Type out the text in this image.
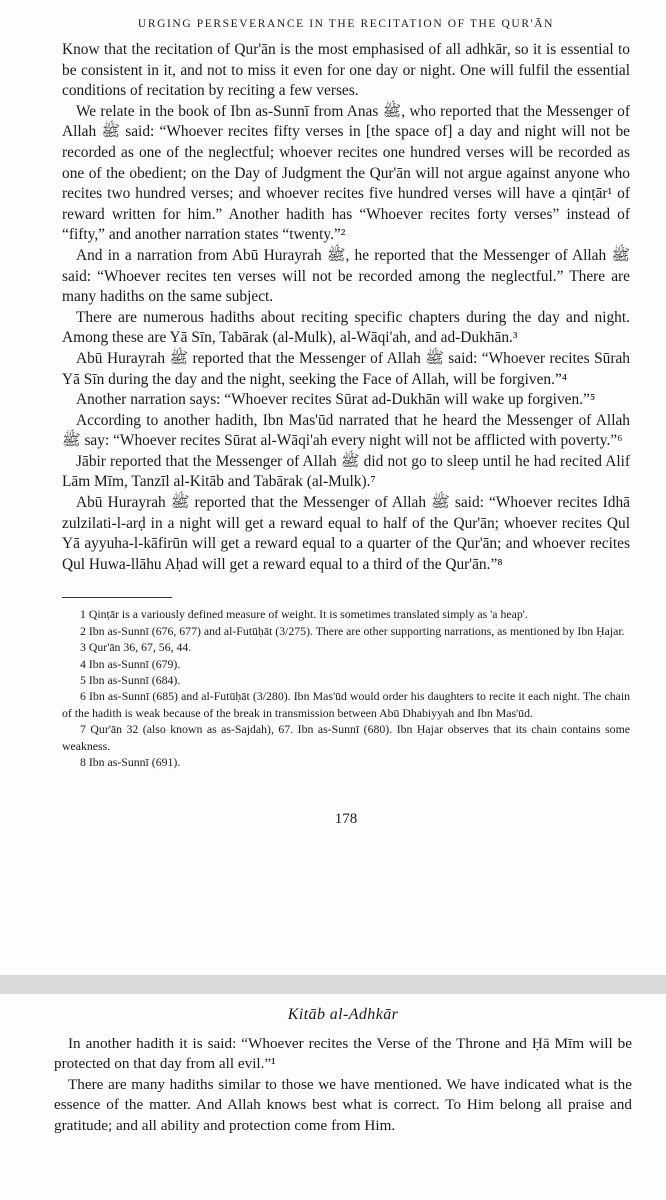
URGING PERSEVERANCE IN THE RECITATION OF THE QUR'ĀN

Know that the recitation of Qur'ān is the most emphasised of all adhkār, so it is essential to be consistent in it, and not to miss it even for one day or night. One will fulfil the essential conditions of recitation by reciting a few verses.

We relate in the book of Ibn as-Sunnī from Anas ﷺ, who reported that the Messenger of Allah ﷺ said: “Whoever recites fifty verses in [the space of] a day and night will not be recorded as one of the neglectful; whoever recites one hundred verses will be recorded as one of the obedient; on the Day of Judgment the Qur'ān will not argue against anyone who recites two hundred verses; and whoever recites five hundred verses will have a qinṭār¹ of reward written for him.” Another hadith has “Whoever recites forty verses” instead of “fifty,” and another narration states “twenty.”²

And in a narration from Abū Hurayrah ﷺ, he reported that the Messenger of Allah ﷺ said: “Whoever recites ten verses will not be recorded among the neglectful.” There are many hadiths on the same subject.

There are numerous hadiths about reciting specific chapters during the day and night. Among these are Yā Sīn, Tabārak (al-Mulk), al-Wāqi'ah, and ad-Dukhān.³

Abū Hurayrah ﷺ reported that the Messenger of Allah ﷺ said: “Whoever recites Sūrah Yā Sīn during the day and the night, seeking the Face of Allah, will be forgiven.”⁴

Another narration says: “Whoever recites Sūrat ad-Dukhān will wake up forgiven.”⁵

According to another hadith, Ibn Mas'ūd narrated that he heard the Messenger of Allah ﷺ say: “Whoever recites Sūrat al-Wāqi'ah every night will not be afflicted with poverty.”⁶

Jābir reported that the Messenger of Allah ﷺ did not go to sleep until he had recited Alif Lām Mīm, Tanzīl al-Kitāb and Tabārak (al-Mulk).⁷

Abū Hurayrah ﷺ reported that the Messenger of Allah ﷺ said: “Whoever recites Idhā zulzilati-l-arḍ in a night will get a reward equal to half of the Qur'ān; whoever recites Qul Yā ayyuha-l-kāfirūn will get a reward equal to a quarter of the Qur'ān; and whoever recites Qul Huwa-llāhu Aḥad will get a reward equal to a third of the Qur'ān.”⁸

1 Qinṭār is a variously defined measure of weight. It is sometimes translated simply as 'a heap'.

2 Ibn as-Sunnī (676, 677) and al-Futūḥāt (3/275). There are other supporting narrations, as mentioned by Ibn Ḥajar.

3 Qur'ān 36, 67, 56, 44.

4 Ibn as-Sunnī (679).

5 Ibn as-Sunnī (684).

6 Ibn as-Sunnī (685) and al-Futūḥāt (3/280). Ibn Mas'ūd would order his daughters to recite it each night. The chain of the hadith is weak because of the break in transmission between Abū Dhabiyyah and Ibn Mas'ūd.

7 Qur'ān 32 (also known as as-Sajdah), 67. Ibn as-Sunnī (680). Ibn Ḥajar observes that its chain contains some weakness.

8 Ibn as-Sunnī (691).

178
Kitāb al-Adhkār

In another hadith it is said: “Whoever recites the Verse of the Throne and Ḥā Mīm will be protected on that day from all evil.”¹

There are many hadiths similar to those we have mentioned. We have indicated what is the essence of the matter. And Allah knows best what is correct. To Him belong all praise and gratitude; and all ability and protection come from Him.
